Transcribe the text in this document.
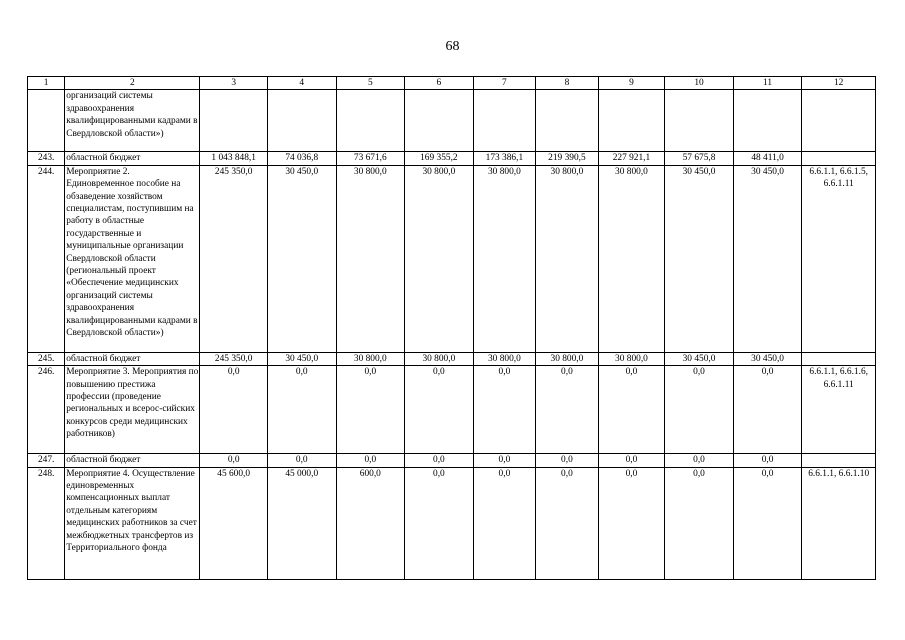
68
1	2	3	4	5	6	7	8	9	10	11	12
	организаций системы здравоохранения квалифицированными кадрами в Свердловской области»)										
243.	областной бюджет	1 043 848,1	74 036,8	73 671,6	169 355,2	173 386,1	219 390,5	227 921,1	57 675,8	48 411,0	
244.	Мероприятие 2. Единовременное пособие на обзаведение хозяйством специалистам, поступившим на работу в областные государственные и муниципальные организации Свердловской области (региональный проект «Обеспечение медицинских организаций системы здравоохранения квалифицированными кадрами в Свердловской области»)	245 350,0	30 450,0	30 800,0	30 800,0	30 800,0	30 800,0	30 800,0	30 450,0	30 450,0	6.6.1.1, 6.6.1.5, 6.6.1.11
245.	областной бюджет	245 350,0	30 450,0	30 800,0	30 800,0	30 800,0	30 800,0	30 800,0	30 450,0	30 450,0	
246.	Мероприятие 3. Мероприятия по повышению престижа профессии (проведение региональных и всерос-сийских конкурсов среди медицинских работников)	0,0	0,0	0,0	0,0	0,0	0,0	0,0	0,0	0,0	6.6.1.1, 6.6.1.6, 6.6.1.11
247.	областной бюджет	0,0	0,0	0,0	0,0	0,0	0,0	0,0	0,0	0,0	
248.	Мероприятие 4. Осуществление единовременных компенсационных выплат отдельным категориям медицинских работников за счет межбюджетных трансфертов из Территориального фонда	45 600,0	45 000,0	600,0	0,0	0,0	0,0	0,0	0,0	0,0	6.6.1.1, 6.6.1.10
